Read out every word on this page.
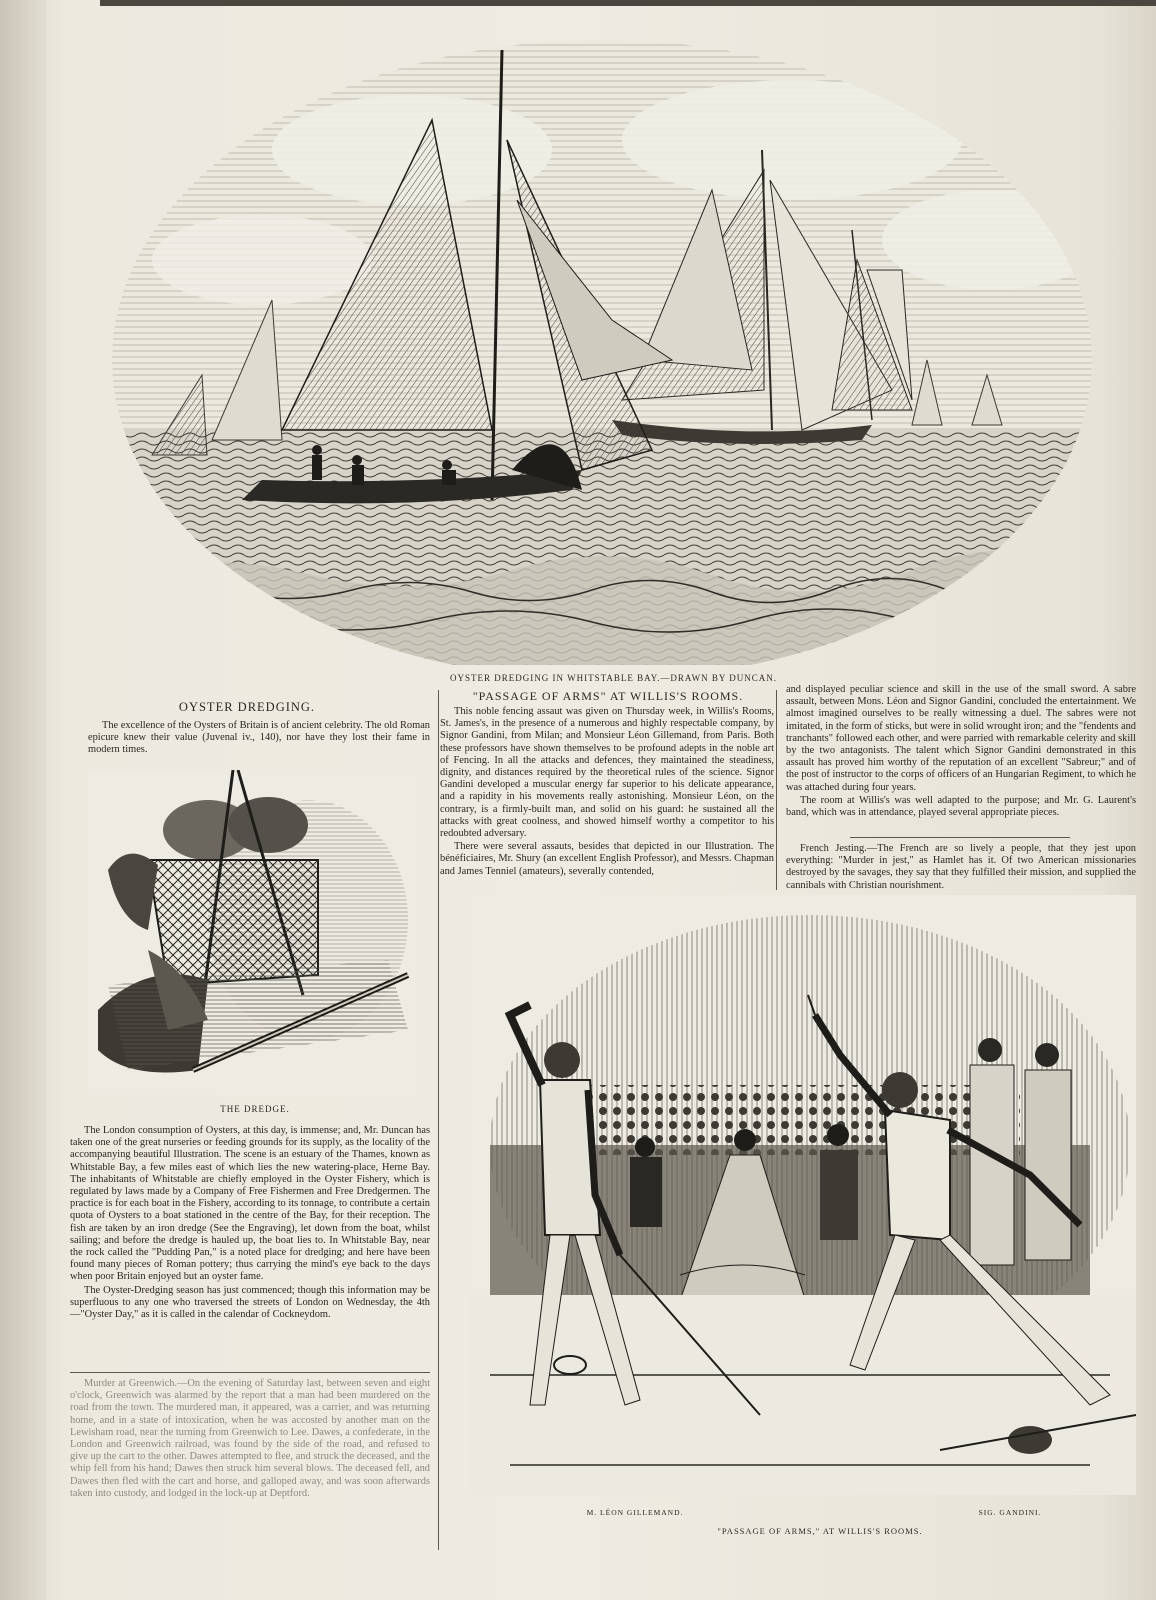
OYSTER DREDGING IN WHITSTABLE BAY.—DRAWN BY DUNCAN.
OYSTER DREDGING.

The excellence of the Oysters of Britain is of ancient celebrity. The old Roman epicure knew their value (Juvenal iv., 140), nor have they lost their fame in modern times.

THE DREDGE.

The London consumption of Oysters, at this day, is immense; and, Mr. Duncan has taken one of the great nurseries or feeding grounds for its supply, as the locality of the accompanying beautiful Illustration. The scene is an estuary of the Thames, known as Whitstable Bay, a few miles east of which lies the new watering-place, Herne Bay. The inhabitants of Whitstable are chiefly employed in the Oyster Fishery, which is regulated by laws made by a Company of Free Fishermen and Free Dredgermen. The practice is for each boat in the Fishery, according to its tonnage, to contribute a certain quota of Oysters to a boat stationed in the centre of the Bay, for their reception. The fish are taken by an iron dredge (See the Engraving), let down from the boat, whilst sailing; and before the dredge is hauled up, the boat lies to. In Whitstable Bay, near the rock called the "Pudding Pan," is a noted place for dredging; and here have been found many pieces of Roman pottery; thus carrying the mind's eye back to the days when poor Britain enjoyed but an oyster fame.

The Oyster-Dredging season has just commenced; though this information may be superfluous to any one who traversed the streets of London on Wednesday, the 4th—"Oyster Day," as it is called in the calendar of Cockneydom.

Murder at Greenwich.—On the evening of Saturday last, between seven and eight o'clock, Greenwich was alarmed by the report that a man had been murdered on the road from the town. The murdered man, it appeared, was a carrier, and was returning home, and in a state of intoxication, when he was accosted by another man on the Lewisham road, near the turning from Greenwich to Lee. Dawes, a confederate, in the London and Greenwich railroad, was found by the side of the road, and refused to give up the cart to the other. Dawes attempted to flee, and struck the deceased, and the whip fell from his hand; Dawes then struck him several blows. The deceased fell, and Dawes then fled with the cart and horse, and galloped away, and was soon afterwards taken into custody, and lodged in the lock-up at Deptford.

"PASSAGE OF ARMS" AT WILLIS'S ROOMS.

This noble fencing assaut was given on Thursday week, in Willis's Rooms, St. James's, in the presence of a numerous and highly respectable company, by Signor Gandini, from Milan; and Monsieur Léon Gillemand, from Paris. Both these professors have shown themselves to be profound adepts in the noble art of Fencing. In all the attacks and defences, they maintained the steadiness, dignity, and distances required by the theoretical rules of the science. Signor Gandini developed a muscular energy far superior to his delicate appearance, and a rapidity in his movements really astonishing. Monsieur Léon, on the contrary, is a firmly-built man, and solid on his guard: he sustained all the attacks with great coolness, and showed himself worthy a competitor to his redoubted adversary.

There were several assauts, besides that depicted in our Illustration. The bénéficiaires, Mr. Shury (an excellent English Professor), and Messrs. Chapman and James Tenniel (amateurs), severally contended,

and displayed peculiar science and skill in the use of the small sword. A sabre assault, between Mons. Léon and Signor Gandini, concluded the entertainment. We almost imagined ourselves to be really witnessing a duel. The sabres were not imitated, in the form of sticks, but were in solid wrought iron; and the "fendents and tranchants" followed each other, and were parried with remarkable celerity and skill by the two antagonists. The talent which Signor Gandini demonstrated in this assault has proved him worthy of the reputation of an excellent "Sabreur;" and of the post of instructor to the corps of officers of an Hungarian Regiment, to which he was attached during four years.

The room at Willis's was well adapted to the purpose; and Mr. G. Laurent's band, which was in attendance, played several appropriate pieces.

French Jesting.—The French are so lively a people, that they jest upon everything: "Murder in jest," as Hamlet has it. Of two American missionaries destroyed by the savages, they say that they fulfilled their mission, and supplied the cannibals with Christian nourishment.

M. LÉON GILLEMAND.	SIG. GANDINI.
"PASSAGE OF ARMS," AT WILLIS'S ROOMS.
